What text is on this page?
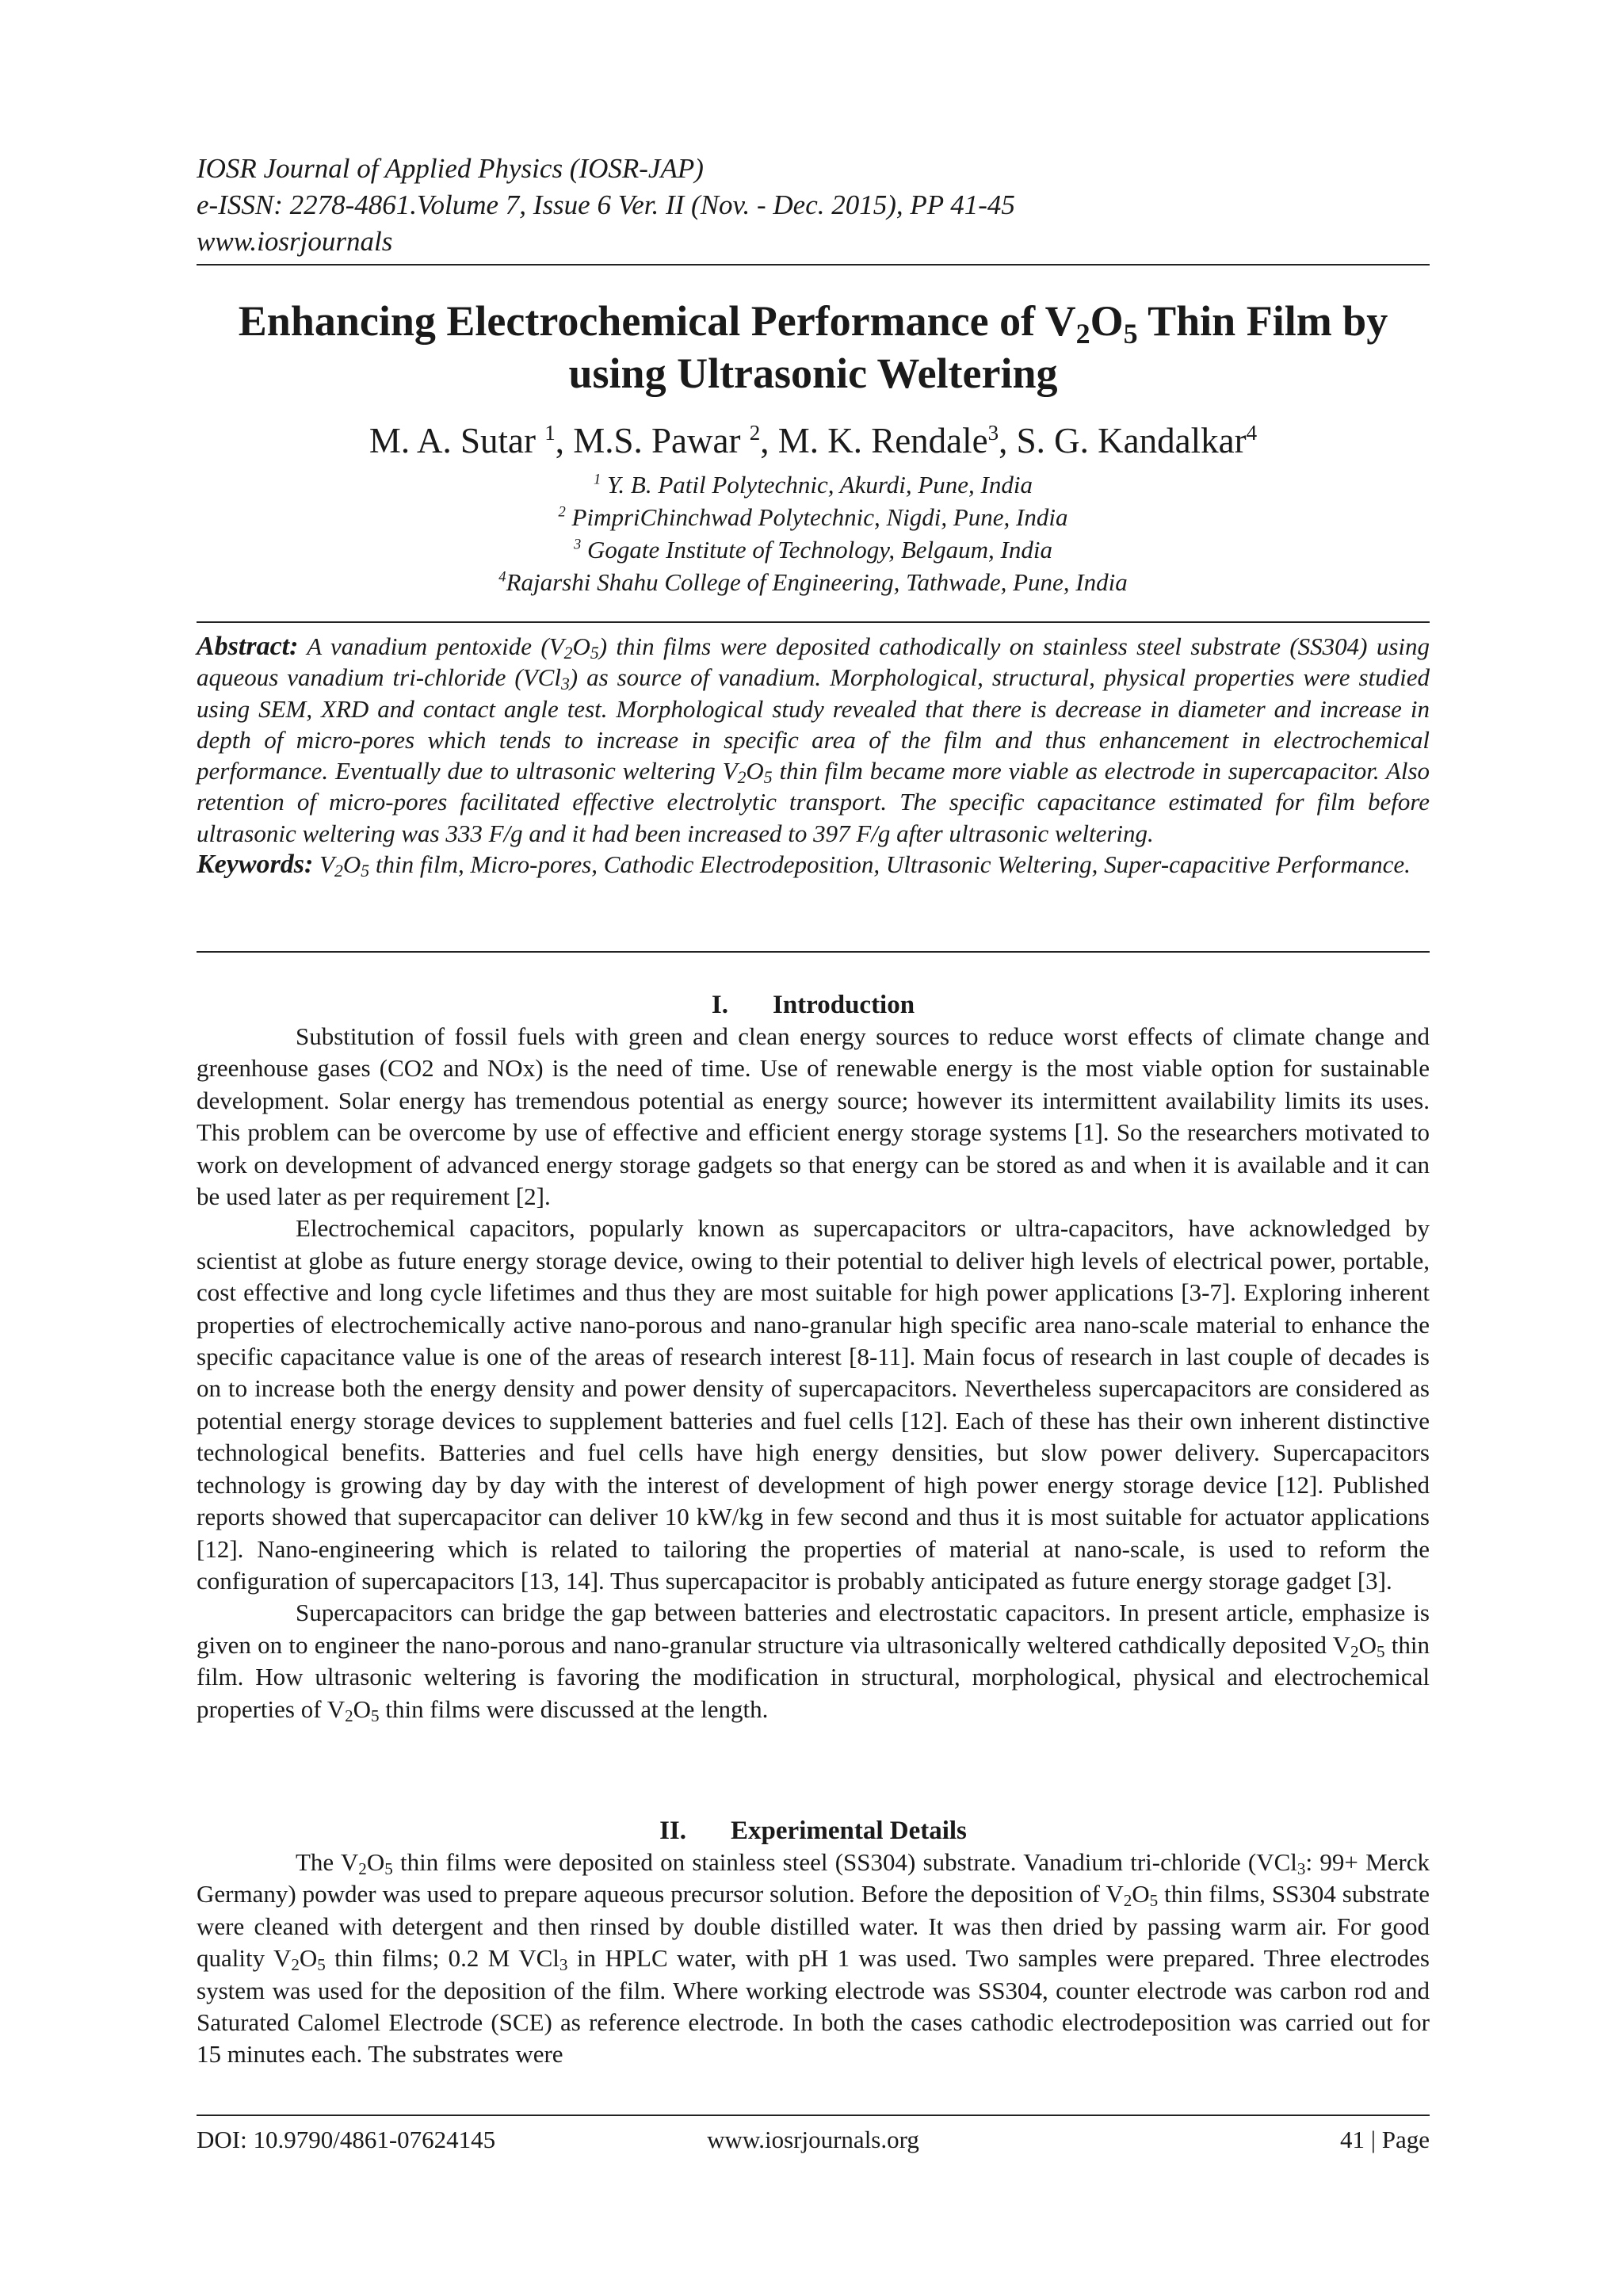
IOSR Journal of Applied Physics (IOSR-JAP)
e-ISSN: 2278-4861.Volume 7, Issue 6 Ver. II (Nov. - Dec. 2015), PP 41-45
www.iosrjournals
Enhancing Electrochemical Performance of $V_2O_5$ Thin Film by
using Ultrasonic Weltering
M. A. Sutar $^1$, M.S. Pawar $^2$, M. K. Rendale$^3$, S. G. Kandalkar$^4$
$^1$ Y. B. Patil Polytechnic, Akurdi, Pune, India
$^2$ PimpriChinchwad Polytechnic, Nigdi, Pune, India
$^3$ Gogate Institute of Technology, Belgaum, India
$^4$Rajarshi Shahu College of Engineering, Tathwade, Pune, India

Abstract: A vanadium pentoxide $(V_2O_5)$ thin films were deposited cathodically on stainless steel substrate (SS304) using aqueous vanadium tri-chloride (VCl$_3$) as source of vanadium. Morphological, structural, physical properties were studied using SEM, XRD and contact angle test. Morphological study revealed that there is decrease in diameter and increase in depth of micro-pores which tends to increase in specific area of the film and thus enhancement in electrochemical performance. Eventually due to ultrasonic weltering $V_2O_5$ thin film became more viable as electrode in supercapacitor. Also retention of micro-pores facilitated effective electrolytic transport. The specific capacitance estimated for film before ultrasonic weltering was 333 F/g and it had been increased to 397 F/g after ultrasonic weltering.

Keywords: $V_2O_5$ thin film, Micro-pores, Cathodic Electrodeposition, Ultrasonic Weltering, Super-capacitive Performance.

I. Introduction

Substitution of fossil fuels with green and clean energy sources to reduce worst effects of climate change and greenhouse gases (CO2 and NOx) is the need of time. Use of renewable energy is the most viable option for sustainable development. Solar energy has tremendous potential as energy source; however its intermittent availability limits its uses. This problem can be overcome by use of effective and efficient energy storage systems [1]. So the researchers motivated to work on development of advanced energy storage gadgets so that energy can be stored as and when it is available and it can be used later as per requirement [2].

Electrochemical capacitors, popularly known as supercapacitors or ultra-capacitors, have acknowledged by scientist at globe as future energy storage device, owing to their potential to deliver high levels of electrical power, portable, cost effective and long cycle lifetimes and thus they are most suitable for high power applications [3-7]. Exploring inherent properties of electrochemically active nano-porous and nano-granular high specific area nano-scale material to enhance the specific capacitance value is one of the areas of research interest [8-11]. Main focus of research in last couple of decades is on to increase both the energy density and power density of supercapacitors. Nevertheless supercapacitors are considered as potential energy storage devices to supplement batteries and fuel cells [12]. Each of these has their own inherent distinctive technological benefits. Batteries and fuel cells have high energy densities, but slow power delivery. Supercapacitors technology is growing day by day with the interest of development of high power energy storage device [12]. Published reports showed that supercapacitor can deliver 10 kW/kg in few second and thus it is most suitable for actuator applications [12]. Nano-engineering which is related to tailoring the properties of material at nano-scale, is used to reform the configuration of supercapacitors [13, 14]. Thus supercapacitor is probably anticipated as future energy storage gadget [3].

Supercapacitors can bridge the gap between batteries and electrostatic capacitors. In present article, emphasize is given on to engineer the nano-porous and nano-granular structure via ultrasonically weltered cathdically deposited $V_2O_5$ thin film. How ultrasonic weltering is favoring the modification in structural, morphological, physical and electrochemical properties of $V_2O_5$ thin films were discussed at the length.

II. Experimental Details

The $V_2O_5$ thin films were deposited on stainless steel (SS304) substrate. Vanadium tri-chloride (VCl$_3$: 99+ Merck Germany) powder was used to prepare aqueous precursor solution. Before the deposition of $V_2O_5$ thin films, SS304 substrate were cleaned with detergent and then rinsed by double distilled water. It was then dried by passing warm air. For good quality $V_2O_5$ thin films; 0.2 M VCl$_3$ in HPLC water, with pH 1 was used. Two samples were prepared. Three electrodes system was used for the deposition of the film. Where working electrode was SS304, counter electrode was carbon rod and Saturated Calomel Electrode (SCE) as reference electrode. In both the cases cathodic electrodeposition was carried out for 15 minutes each. The substrates were

DOI: 10.9790/4861-07624145	www.iosrjournals.org	41 | Page
